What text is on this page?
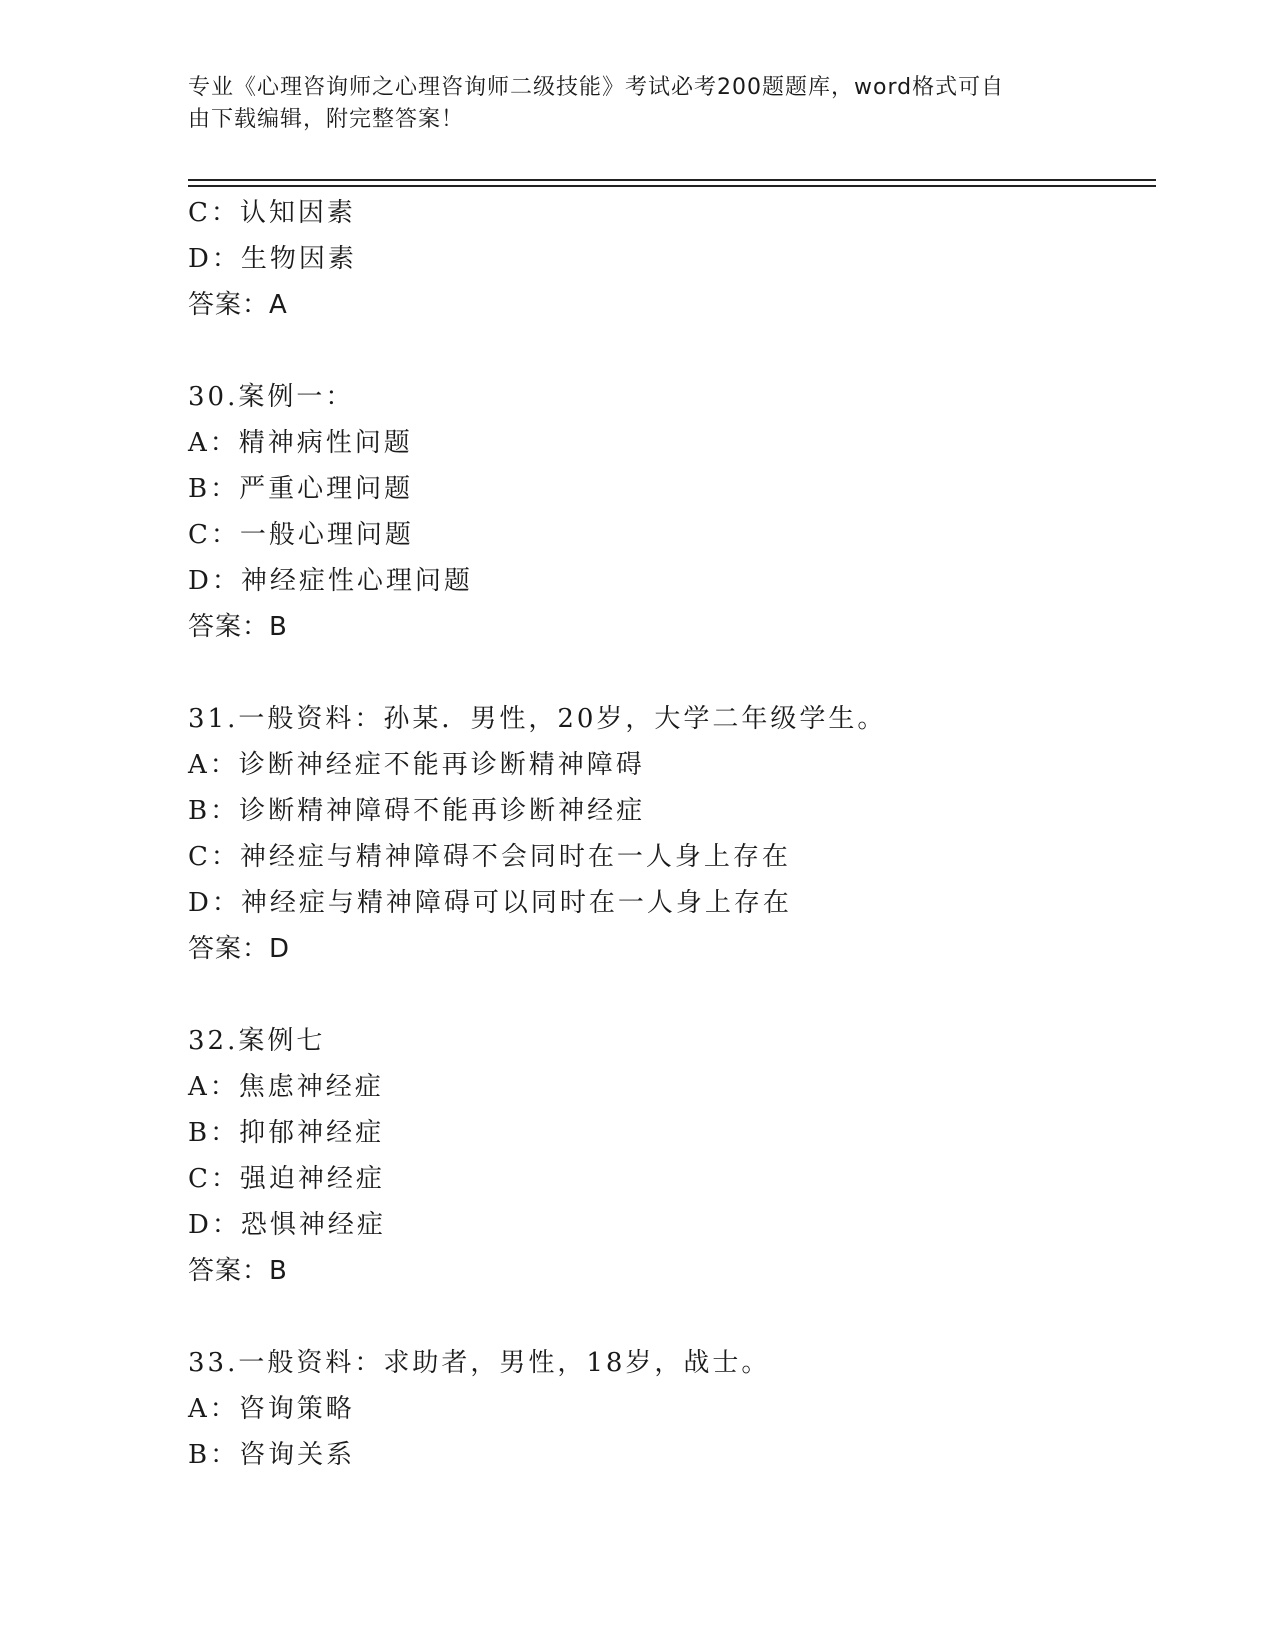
专业《心理咨询师之心理咨询师二级技能》考试必考200题题库，word格式可自
由下载编辑，附完整答案！
C：认知因素
D：生物因素
答案：A
30.案例一：
A：精神病性问题
B：严重心理问题
C：一般心理问题
D：神经症性心理问题
答案：B
31.一般资料：孙某．男性，20岁，大学二年级学生。
A：诊断神经症不能再诊断精神障碍
B：诊断精神障碍不能再诊断神经症
C：神经症与精神障碍不会同时在一人身上存在
D：神经症与精神障碍可以同时在一人身上存在
答案：D
32.案例七
A：焦虑神经症
B：抑郁神经症
C：强迫神经症
D：恐惧神经症
答案：B
33.一般资料：求助者，男性，18岁，战士。
A：咨询策略
B：咨询关系
